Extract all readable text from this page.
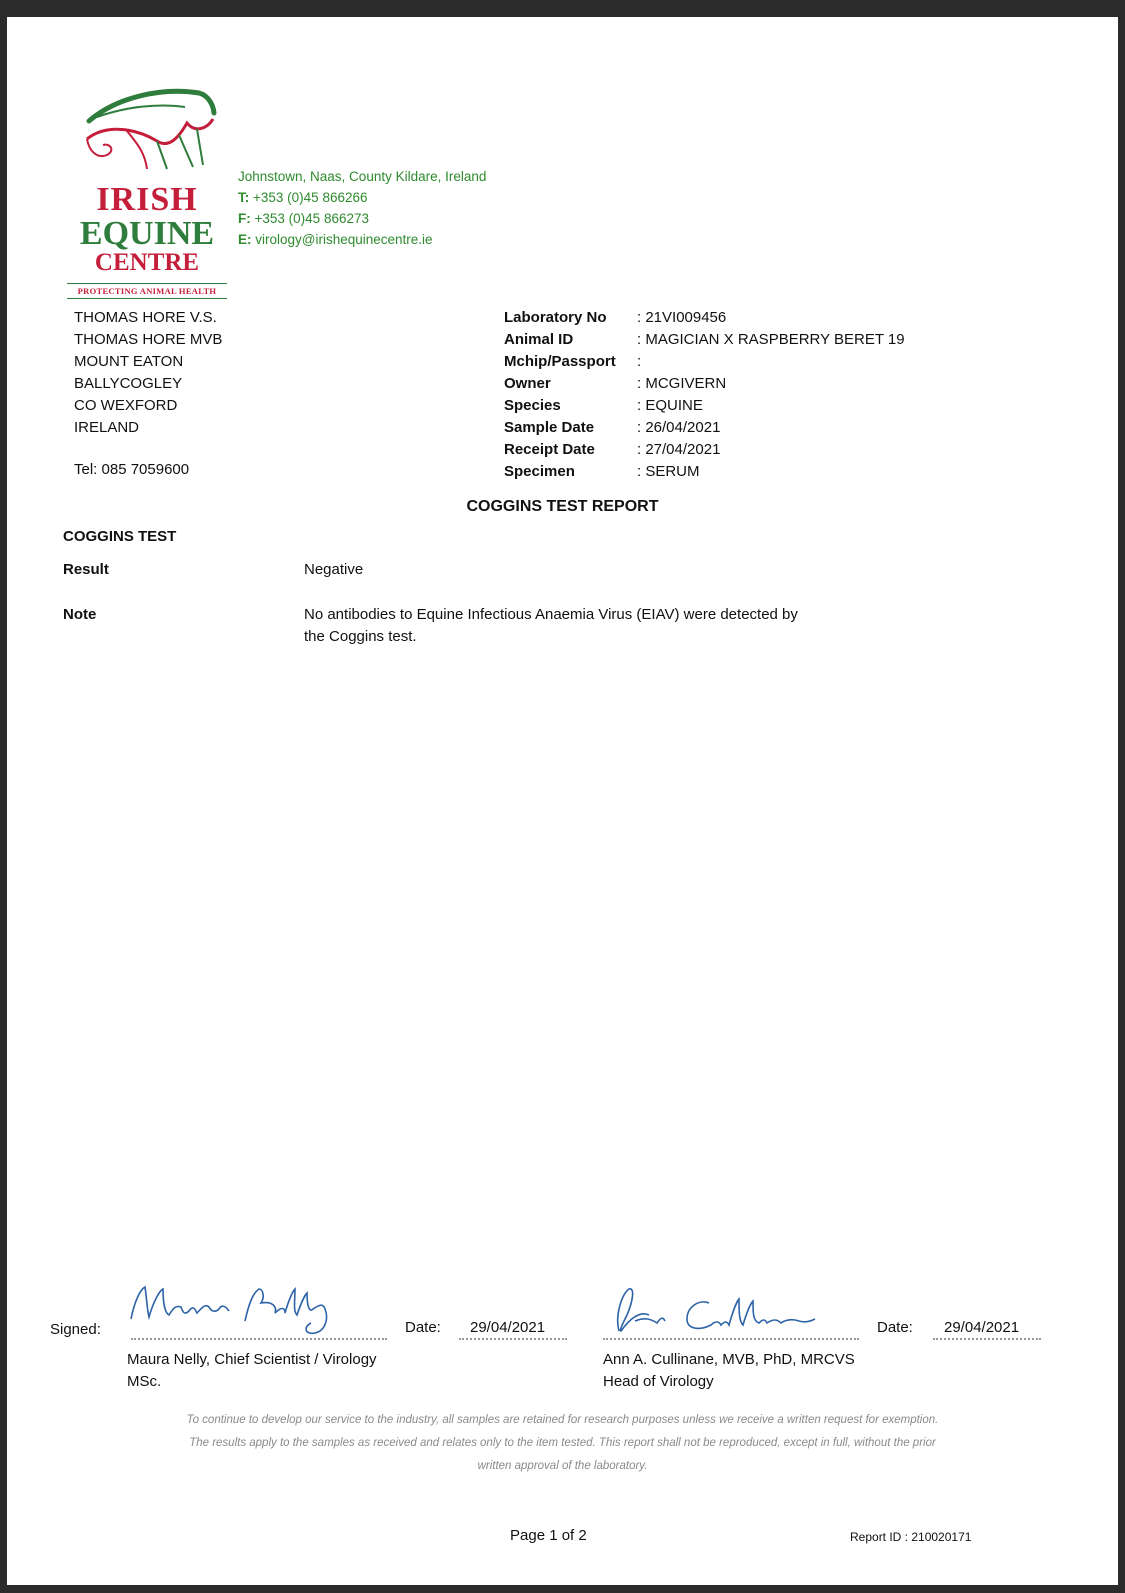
IRISH
EQUINE
CENTRE
PROTECTING ANIMAL HEALTH
Johnstown, Naas, County Kildare, Ireland
T: +353 (0)45 866266
F: +353 (0)45 866273
E: virology@irishequinecentre.ie
THOMAS HORE V.S.
THOMAS HORE MVB
MOUNT EATON
BALLYCOGLEY
CO WEXFORD
IRELAND
Tel: 085 7059600
Laboratory No	: 21VI009456
Animal ID	: MAGICIAN X RASPBERRY BERET 19
Mchip/Passport	:
Owner	: MCGIVERN
Species	: EQUINE
Sample Date	: 26/04/2021
Receipt Date	: 27/04/2021
Specimen	: SERUM
COGGINS TEST REPORT
COGGINS TEST
Result	Negative
Note	No antibodies to Equine Infectious Anaemia Virus (EIAV) were detected by
the Coggins test.
Signed:	Date: 29/04/2021
Maura Nelly, Chief Scientist / Virology
MSc.
Date: 29/04/2021
Ann A. Cullinane, MVB, PhD, MRCVS
Head of Virology
To continue to develop our service to the industry, all samples are retained for research purposes unless we receive a written request for exemption.
The results apply to the samples as received and relates only to the item tested. This report shall not be reproduced, except in full, without the prior
written approval of the laboratory.
Page 1 of 2	Report ID : 210020171
